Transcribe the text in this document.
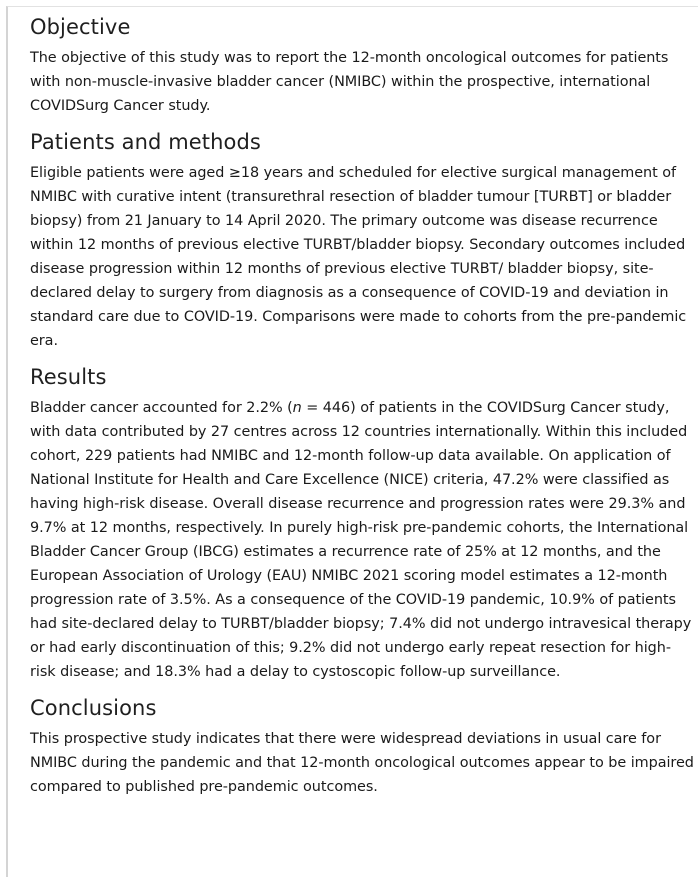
Objective

The objective of this study was to report the 12-month oncological outcomes for patients with non-muscle-invasive bladder cancer (NMIBC) within the prospective, international COVIDSurg Cancer study.

Patients and methods

Eligible patients were aged ≥18 years and scheduled for elective surgical management of NMIBC with curative intent (transurethral resection of bladder tumour [TURBT] or bladder biopsy) from 21 January to 14 April 2020. The primary outcome was disease recurrence within 12 months of previous elective TURBT/bladder biopsy. Secondary outcomes included disease progression within 12 months of previous elective TURBT/ bladder biopsy, site-declared delay to surgery from diagnosis as a consequence of COVID-19 and deviation in standard care due to COVID-19. Comparisons were made to cohorts from the pre-pandemic era.

Results

Bladder cancer accounted for 2.2% (n = 446) of patients in the COVIDSurg Cancer study, with data contributed by 27 centres across 12 countries internationally. Within this included cohort, 229 patients had NMIBC and 12-month follow-up data available. On application of National Institute for Health and Care Excellence (NICE) criteria, 47.2% were classified as having high-risk disease. Overall disease recurrence and progression rates were 29.3% and 9.7% at 12 months, respectively. In purely high-risk pre-pandemic cohorts, the International Bladder Cancer Group (IBCG) estimates a recurrence rate of 25% at 12 months, and the European Association of Urology (EAU) NMIBC 2021 scoring model estimates a 12-month progression rate of 3.5%. As a consequence of the COVID-19 pandemic, 10.9% of patients had site-declared delay to TURBT/bladder biopsy; 7.4% did not undergo intravesical therapy or had early discontinuation of this; 9.2% did not undergo early repeat resection for high-risk disease; and 18.3% had a delay to cystoscopic follow-up surveillance.

Conclusions

This prospective study indicates that there were widespread deviations in usual care for NMIBC during the pandemic and that 12-month oncological outcomes appear to be impaired compared to published pre-pandemic outcomes.
